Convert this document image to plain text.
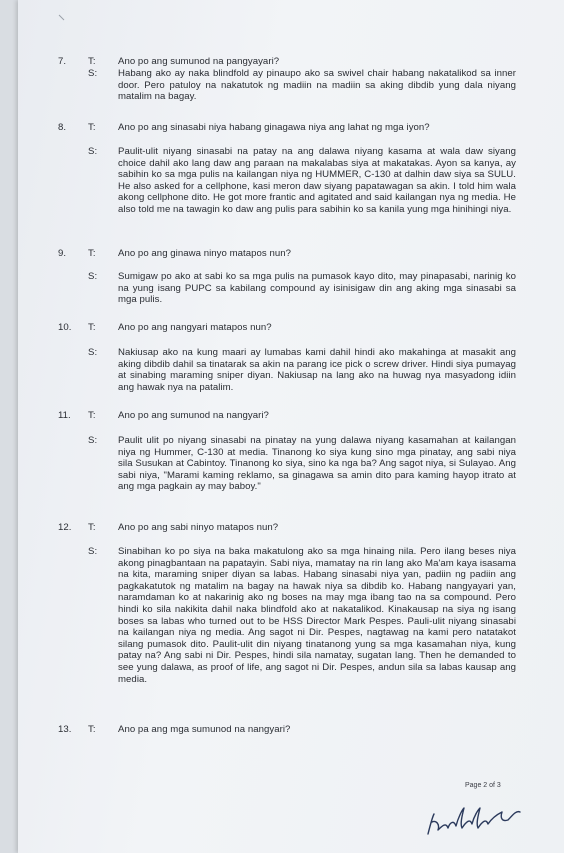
7.	T:	Ano po ang sumunod na pangyayari?
S:	Habang ako ay naka blindfold ay pinaupo ako sa swivel chair habang nakatalikod sa inner door. Pero patuloy na nakatutok ng madiin na madiin sa aking dibdib yung dala niyang matalim na bagay.
8.	T:	Ano po ang sinasabi niya habang ginagawa niya ang lahat ng mga iyon?
S:	Paulit-ulit niyang sinasabi na patay na ang dalawa niyang kasama at wala daw siyang choice dahil ako lang daw ang paraan na makalabas siya at makatakas. Ayon sa kanya, ay sabihin ko sa mga pulis na kailangan niya ng HUMMER, C-130 at dalhin daw siya sa SULU. He also asked for a cellphone, kasi meron daw siyang papatawagan sa akin. I told him wala akong cellphone dito. He got more frantic and agitated and said kailangan nya ng media. He also told me na tawagin ko daw ang pulis para sabihin ko sa kanila yung mga hinihingi niya.
9.	T:	Ano po ang ginawa ninyo matapos nun?
S:	Sumigaw po ako at sabi ko sa mga pulis na pumasok kayo dito, may pinapasabi, narinig ko na yung isang PUPC sa kabilang compound ay isinisigaw din ang aking mga sinasabi sa mga pulis.
10.	T:	Ano po ang nangyari matapos nun?
S:	Nakiusap ako na kung maari ay lumabas kami dahil hindi ako makahinga at masakit ang aking dibdib dahil sa tinatarak sa akin na parang ice pick o screw driver. Hindi siya pumayag at sinabing maraming sniper diyan. Nakiusap na lang ako na huwag nya masyadong idiin ang hawak nya na patalim.
11.	T:	Ano po ang sumunod na nangyari?
S:	Paulit ulit po niyang sinasabi na pinatay na yung dalawa niyang kasamahan at kailangan niya ng Hummer, C-130 at media. Tinanong ko siya kung sino mga pinatay, ang sabi niya sila Susukan at Cabintoy. Tinanong ko siya, sino ka nga ba? Ang sagot niya, si Sulayao. Ang sabi niya, "Marami kaming reklamo, sa ginagawa sa amin dito para kaming hayop itrato at ang mga pagkain ay may baboy."
12.	T:	Ano po ang sabi ninyo matapos nun?
S:	Sinabihan ko po siya na baka makatulong ako sa mga hinaing nila. Pero ilang beses niya akong pinagbantaan na papatayin. Sabi niya, mamatay na rin lang ako Ma'am kaya isasama na kita, maraming sniper diyan sa labas. Habang sinasabi niya yan, padiin ng padiin ang pagkakatutok ng matalim na bagay na hawak niya sa dibdib ko. Habang nangyayari yan, naramdaman ko at nakarinig ako ng boses na may mga ibang tao na sa compound. Pero hindi ko sila nakikita dahil naka blindfold ako at nakatalikod. Kinakausap na siya ng isang boses sa labas who turned out to be HSS Director Mark Pespes. Pauli-ulit niyang sinasabi na kailangan niya ng media. Ang sagot ni Dir. Pespes, nagtawag na kami pero natatakot silang pumasok dito. Paulit-ulit din niyang tinatanong yung sa mga kasamahan niya, kung patay na? Ang sabi ni Dir. Pespes, hindi sila namatay, sugatan lang. Then he demanded to see yung dalawa, as proof of life, ang sagot ni Dir. Pespes, andun sila sa labas kausap ang media.
13.	T:	Ano pa ang mga sumunod na nangyari?
Page 2 of 3
